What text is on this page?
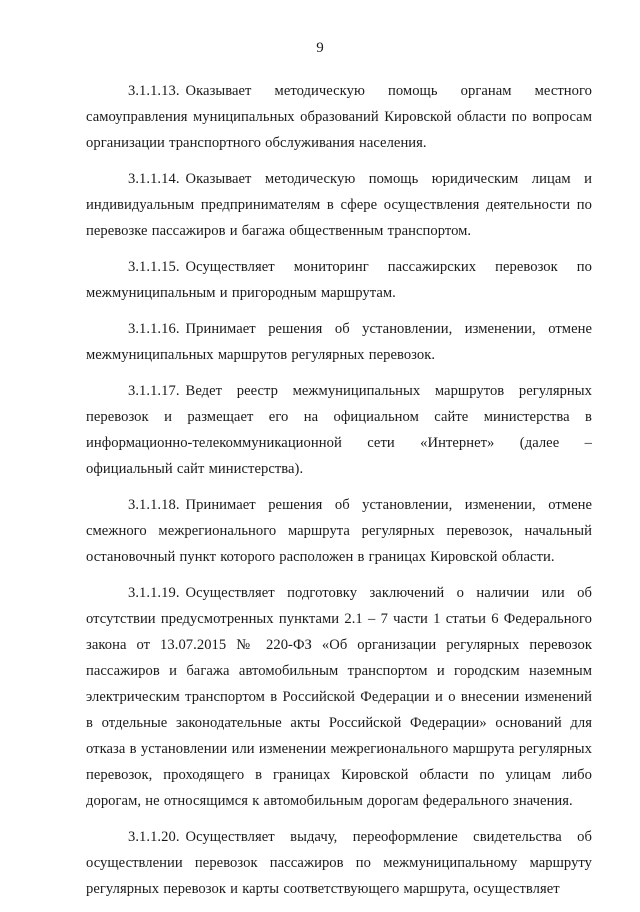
9

3.1.1.13. Оказывает методическую помощь органам местного самоуправления муниципальных образований Кировской области по вопросам организации транспортного обслуживания населения.

3.1.1.14. Оказывает методическую помощь юридическим лицам и индивидуальным предпринимателям в сфере осуществления деятельности по перевозке пассажиров и багажа общественным транспортом.

3.1.1.15. Осуществляет мониторинг пассажирских перевозок по межмуниципальным и пригородным маршрутам.

3.1.1.16. Принимает решения об установлении, изменении, отмене межмуниципальных маршрутов регулярных перевозок.

3.1.1.17. Ведет реестр межмуниципальных маршрутов регулярных перевозок и размещает его на официальном сайте министерства в информационно-телекоммуникационной сети «Интернет» (далее – официальный сайт министерства).

3.1.1.18. Принимает решения об установлении, изменении, отмене смежного межрегионального маршрута регулярных перевозок, начальный остановочный пункт которого расположен в границах Кировской области.

3.1.1.19. Осуществляет подготовку заключений о наличии или об отсутствии предусмотренных пунктами 2.1 – 7 части 1 статьи 6 Федерального закона от 13.07.2015 № 220-ФЗ «Об организации регулярных перевозок пассажиров и багажа автомобильным транспортом и городским наземным электрическим транспортом в Российской Федерации и о внесении изменений в отдельные законодательные акты Российской Федерации» оснований для отказа в установлении или изменении межрегионального маршрута регулярных перевозок, проходящего в границах Кировской области по улицам либо дорогам, не относящимся к автомобильным дорогам федерального значения.

3.1.1.20. Осуществляет выдачу, переоформление свидетельства об осуществлении перевозок пассажиров по межмуниципальному маршруту регулярных перевозок и карты соответствующего маршрута, осуществляет
